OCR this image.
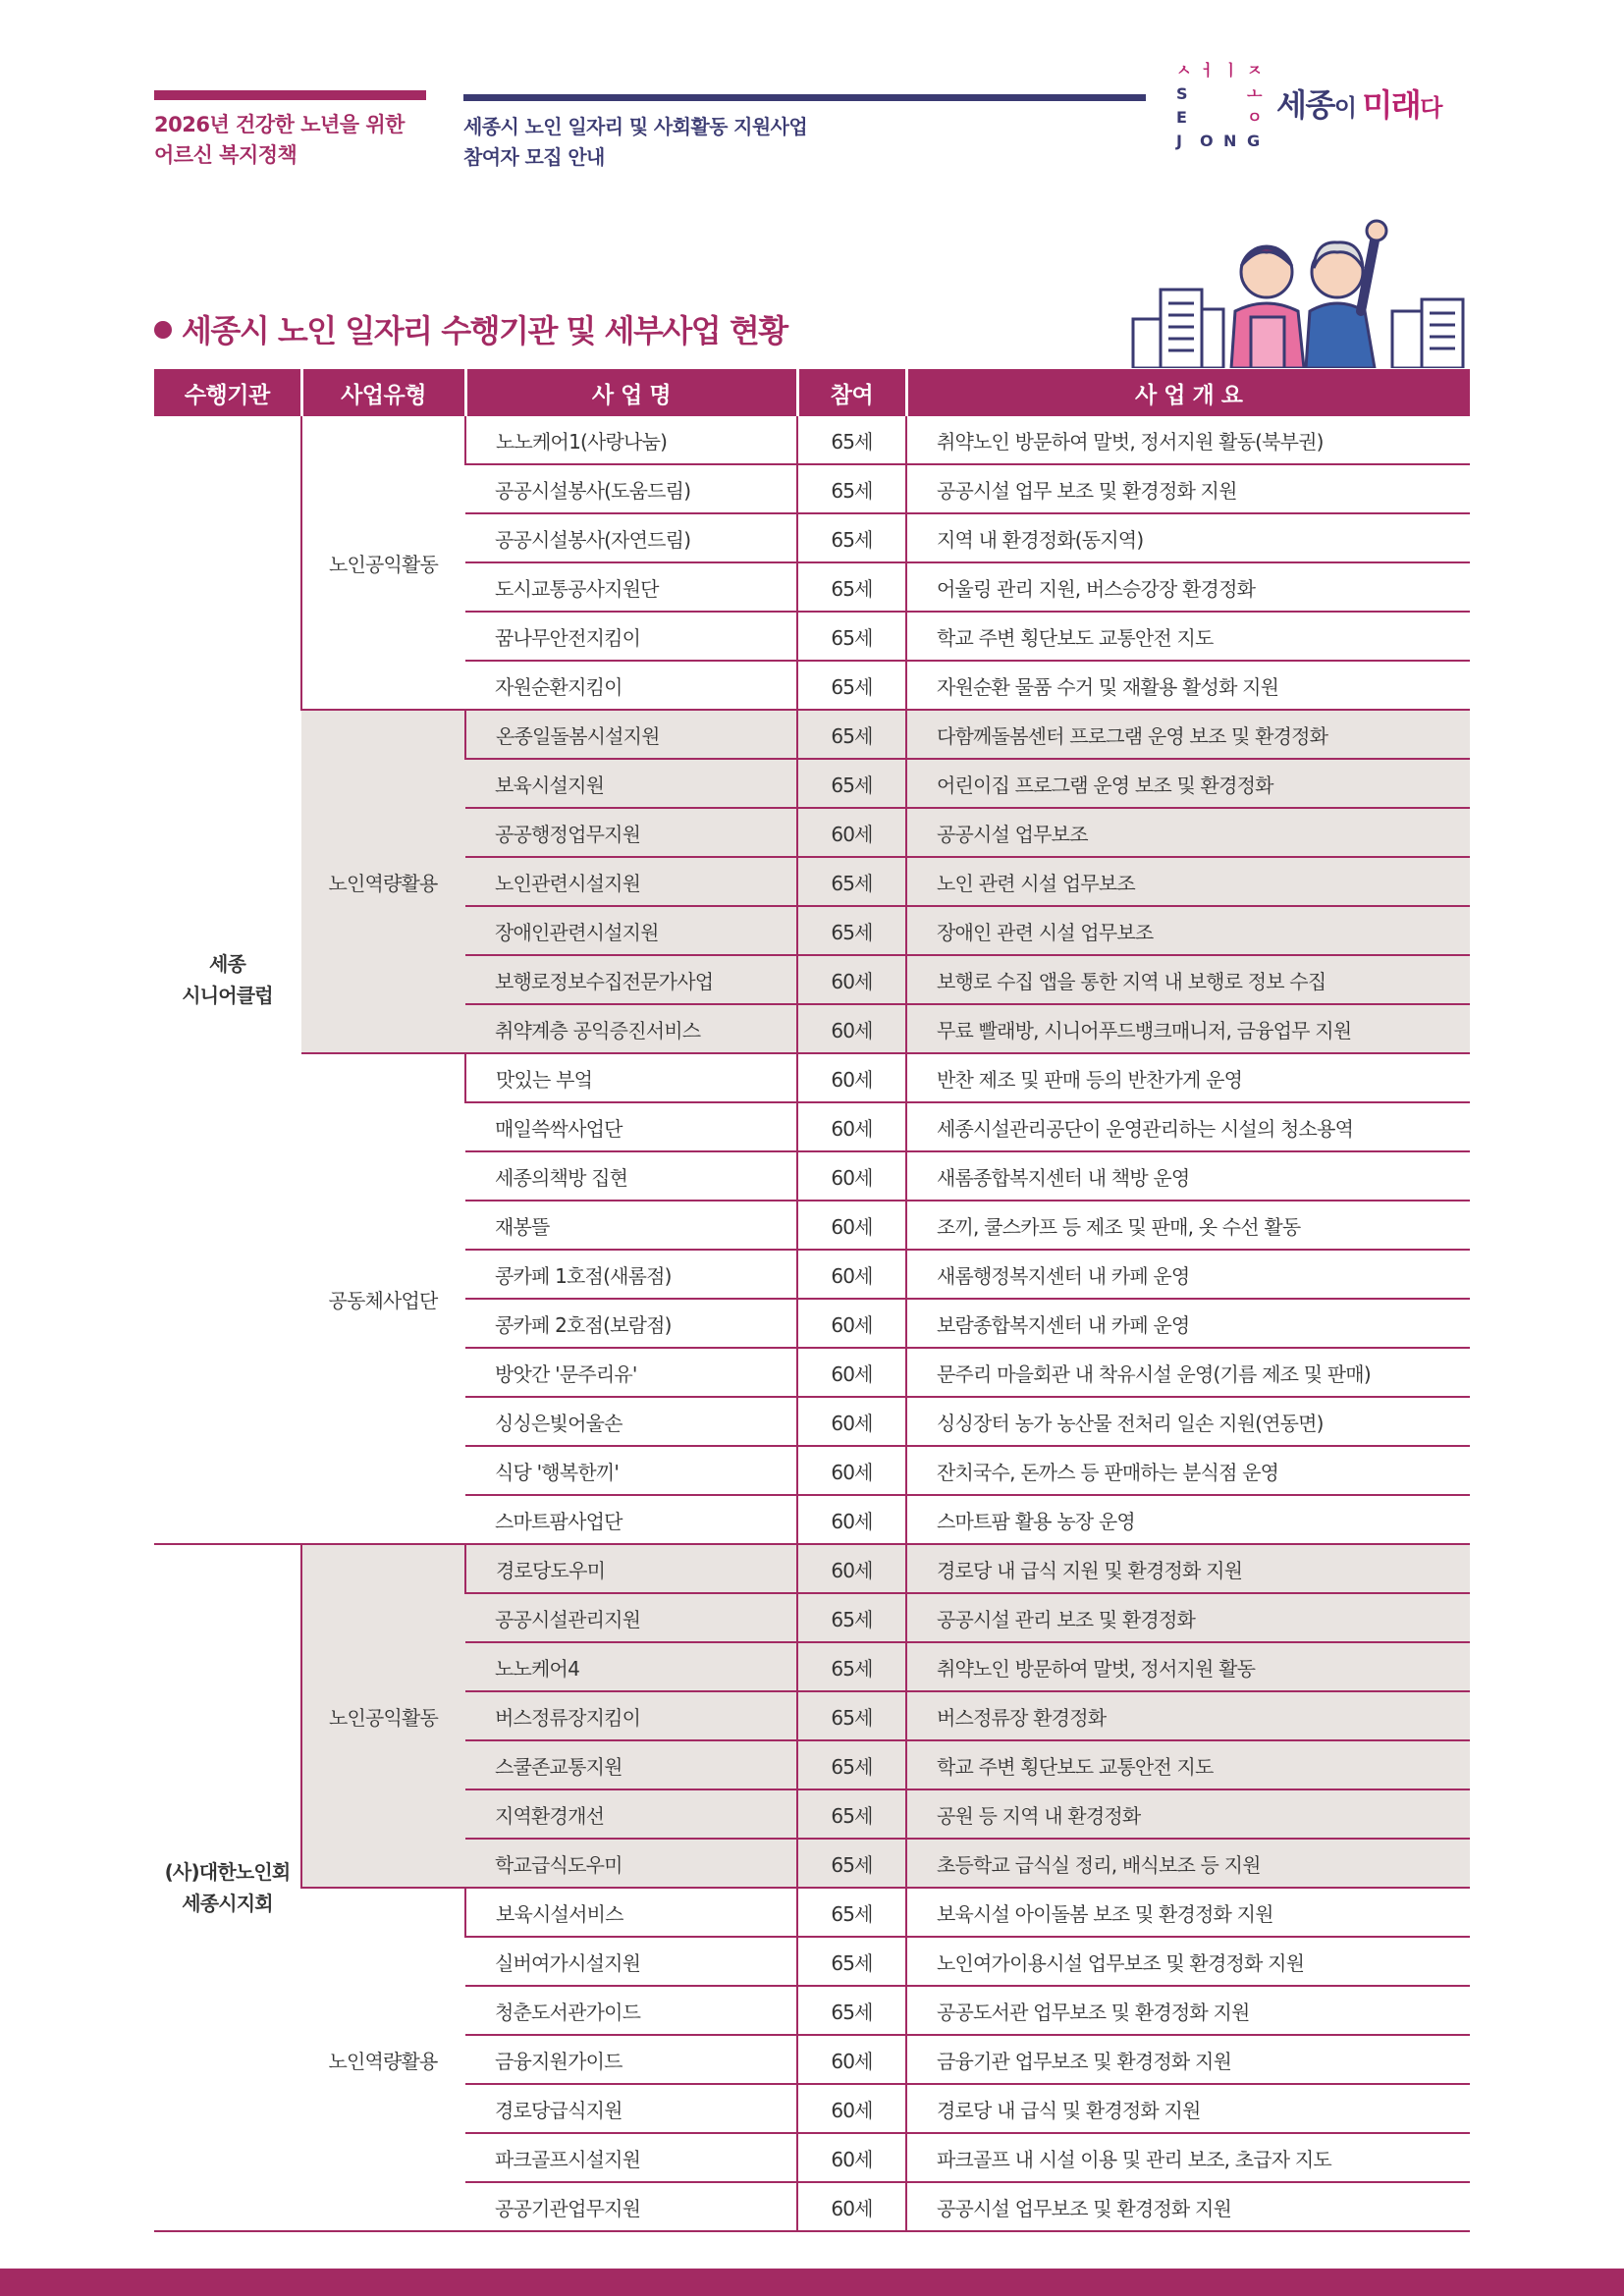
2026년 건강한 노년을 위한
어르신 복지정책
세종시 노인 일자리 및 사회활동 지원사업
참여자 모집 안내
ㅅ ㅓ ㅣ
S
E
J O N G
ㅈ
ㅗ
ㅇ 세종이 미래다
세종시 노인 일자리 수행기관 및 세부사업 현황
수행기관	사업유형	사 업 명	참여	사 업 개 요

세종
시니어클럽	노인공익활동	노노케어1(사랑나눔)	65세	취약노인 방문하여 말벗, 정서지원 활동(북부권)
		공공시설봉사(도움드림)	65세	공공시설 업무 보조 및 환경정화 지원
		공공시설봉사(자연드림)	65세	지역 내 환경정화(동지역)
		도시교통공사지원단	65세	어울링 관리 지원, 버스승강장 환경정화
		꿈나무안전지킴이	65세	학교 주변 횡단보도 교통안전 지도
		자원순환지킴이	65세	자원순환 물품 수거 및 재활용 활성화 지원
	노인역량활용	온종일돌봄시설지원	65세	다함께돌봄센터 프로그램 운영 보조 및 환경정화
		보육시설지원	65세	어린이집 프로그램 운영 보조 및 환경정화
		공공행정업무지원	60세	공공시설 업무보조
		노인관련시설지원	65세	노인 관련 시설 업무보조
		장애인관련시설지원	65세	장애인 관련 시설 업무보조
		보행로정보수집전문가사업	60세	보행로 수집 앱을 통한 지역 내 보행로 정보 수집
		취약계층 공익증진서비스	60세	무료 빨래방, 시니어푸드뱅크매니저, 금융업무 지원
	공동체사업단	맛있는 부엌	60세	반찬 제조 및 판매 등의 반찬가게 운영
		매일쓱싹사업단	60세	세종시설관리공단이 운영관리하는 시설의 청소용역
		세종의책방 집현	60세	새롬종합복지센터 내 책방 운영
		재봉뜰	60세	조끼, 쿨스카프 등 제조 및 판매, 옷 수선 활동
		콩카페 1호점(새롬점)	60세	새롬행정복지센터 내 카페 운영
		콩카페 2호점(보람점)	60세	보람종합복지센터 내 카페 운영
		방앗간 '문주리유'	60세	문주리 마을회관 내 착유시설 운영(기름 제조 및 판매)
		싱싱은빛어울손	60세	싱싱장터 농가 농산물 전처리 일손 지원(연동면)
		식당 '행복한끼'	60세	잔치국수, 돈까스 등 판매하는 분식점 운영
		스마트팜사업단	60세	스마트팜 활용 농장 운영

(사)대한노인회
세종시지회	노인공익활동	경로당도우미	60세	경로당 내 급식 지원 및 환경정화 지원
		공공시설관리지원	65세	공공시설 관리 보조 및 환경정화
		노노케어4	65세	취약노인 방문하여 말벗, 정서지원 활동
		버스정류장지킴이	65세	버스정류장 환경정화
		스쿨존교통지원	65세	학교 주변 횡단보도 교통안전 지도
		지역환경개선	65세	공원 등 지역 내 환경정화
		학교급식도우미	65세	초등학교 급식실 정리, 배식보조 등 지원
	노인역량활용	보육시설서비스	65세	보육시설 아이돌봄 보조 및 환경정화 지원
		실버여가시설지원	65세	노인여가이용시설 업무보조 및 환경정화 지원
		청춘도서관가이드	65세	공공도서관 업무보조 및 환경정화 지원
		금융지원가이드	60세	금융기관 업무보조 및 환경정화 지원
		경로당급식지원	60세	경로당 내 급식 및 환경정화 지원
		파크골프시설지원	60세	파크골프 내 시설 이용 및 관리 보조, 초급자 지도
		공공기관업무지원	60세	공공시설 업무보조 및 환경정화 지원
